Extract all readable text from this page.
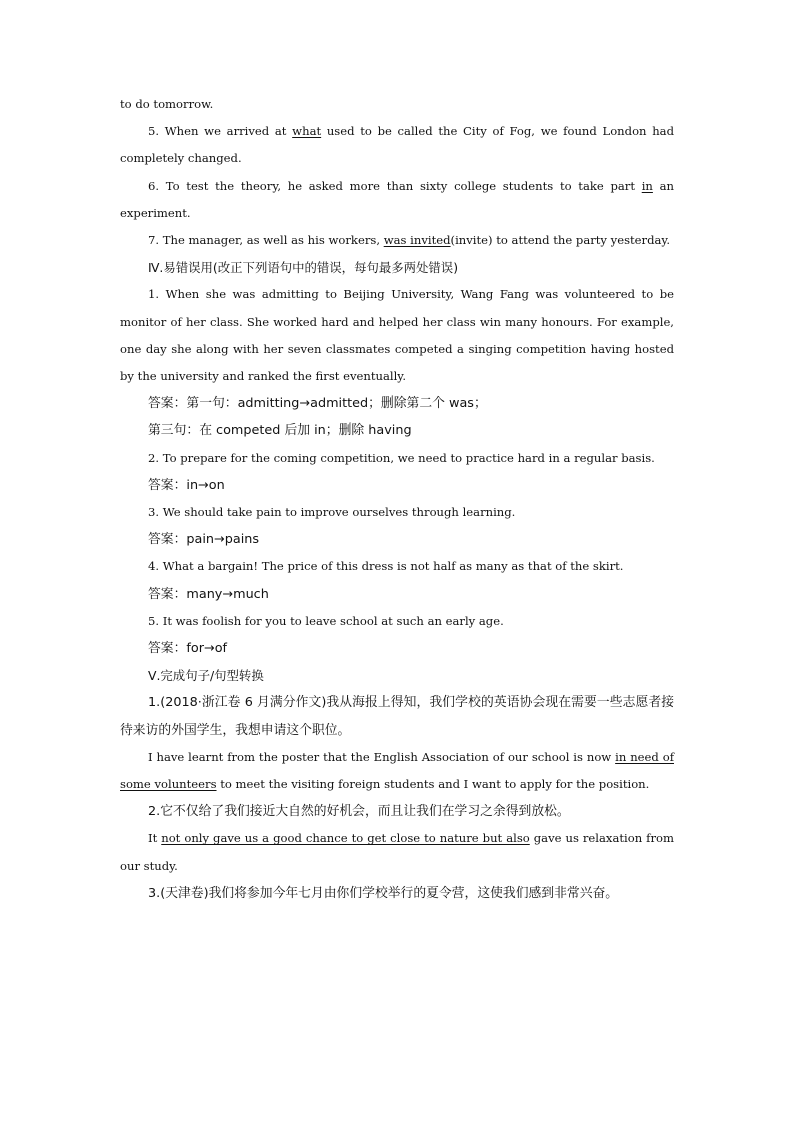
to do tomorrow.

5. When we arrived at what used to be called the City of Fog, we found London had completely changed.

6. To test the theory, he asked more than sixty college students to take part in an experiment.

7. The manager, as well as his workers, was invited(invite) to attend the party yesterday.

Ⅳ.易错误用(改正下列语句中的错误，每句最多两处错误)

1. When she was admitting to Beijing University, Wang Fang was volunteered to be monitor of her class. She worked hard and helped her class win many honours. For example, one day she along with her seven classmates competed a singing competition having hosted by the university and ranked the first eventually.

答案：第一句：admitting→admitted；删除第二个 was；

第三句：在 competed 后加 in；删除 having

2. To prepare for the coming competition, we need to practice hard in a regular basis.

答案：in→on

3. We should take pain to improve ourselves through learning.

答案：pain→pains

4. What a bargain! The price of this dress is not half as many as that of the skirt.

答案：many→much

5. It was foolish for you to leave school at such an early age.

答案：for→of

Ⅴ.完成句子/句型转换

1.(2018·浙江卷 6 月满分作文)我从海报上得知，我们学校的英语协会现在需要一些志愿者接待来访的外国学生，我想申请这个职位。

I have learnt from the poster that the English Association of our school is now in need of some volunteers to meet the visiting foreign students and I want to apply for the position.

2.它不仅给了我们接近大自然的好机会，而且让我们在学习之余得到放松。

It not only gave us a good chance to get close to nature but also gave us relaxation from our study.

3.(天津卷)我们将参加今年七月由你们学校举行的夏令营，这使我们感到非常兴奋。
